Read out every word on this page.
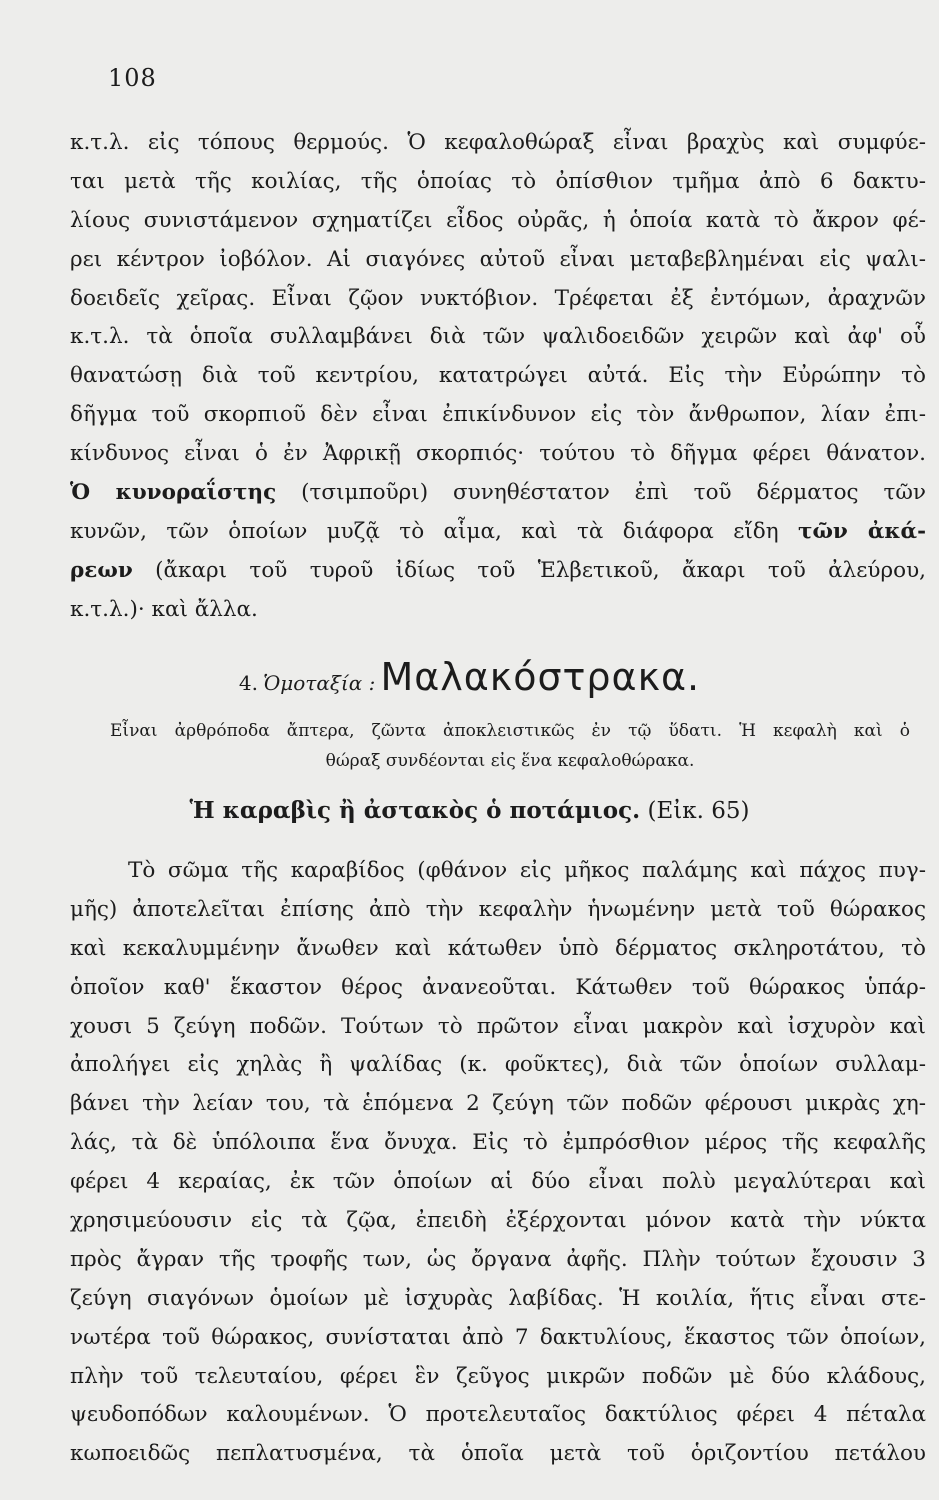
108
κ.τ.λ. εἰς τόπους θερμούς. Ὁ κεφαλοθώραξ εἶναι βραχὺς καὶ συμφύε-
ται μετὰ τῆς κοιλίας, τῆς ὁποίας τὸ ὀπίσθιον τμῆμα ἀπὸ 6 δακτυ-
λίους συνιστάμενον σχηματίζει εἶδος οὐρᾶς, ἡ ὁποία κατὰ τὸ ἄκρον φέ-
ρει κέντρον ἰοβόλον. Αἱ σιαγόνες αὐτοῦ εἶναι μεταβεβλημέναι εἰς ψαλι-
δοειδεῖς χεῖρας. Εἶναι ζῷον νυκτόβιον. Τρέφεται ἐξ ἐντόμων, ἀραχνῶν
κ.τ.λ. τὰ ὁποῖα συλλαμβάνει διὰ τῶν ψαλιδοειδῶν χειρῶν καὶ ἀφ' οὗ
θανατώσῃ διὰ τοῦ κεντρίου, κατατρώγει αὐτά. Εἰς τὴν Εὐρώπην τὸ
δῆγμα τοῦ σκορπιοῦ δὲν εἶναι ἐπικίνδυνον εἰς τὸν ἄνθρωπον, λίαν ἐπι-
κίνδυνος εἶναι ὁ ἐν Ἀφρικῇ σκορπιός· τούτου τὸ δῆγμα φέρει θάνατον.
Ὁ κυνοραΐστης (τσιμποῦρι) συνηθέστατον ἐπὶ τοῦ δέρματος τῶν
κυνῶν, τῶν ὁποίων μυζᾷ τὸ αἷμα, καὶ τὰ διάφορα εἴδη τῶν ἀκά-
ρεων (ἄκαρι τοῦ τυροῦ ἰδίως τοῦ Ἑλβετικοῦ, ἄκαρι τοῦ ἀλεύρου,
κ.τ.λ.)· καὶ ἄλλα.
4. Ὁμοταξία : Μαλακόστρακα.
Εἶναι ἀρθρόποδα ἄπτερα, ζῶντα ἀποκλειστικῶς ἐν τῷ ὕδατι. Ἡ κεφαλὴ καὶ ὁ
θώραξ συνδέονται εἰς ἕνα κεφαλοθώρακα.
Ἡ καραβὶς ἢ ἀστακὸς ὁ ποτάμιος. (Εἰκ. 65)
Τὸ σῶμα τῆς καραβίδος (φθάνον εἰς μῆκος παλάμης καὶ πάχος πυγ-
μῆς) ἀποτελεῖται ἐπίσης ἀπὸ τὴν κεφαλὴν ἡνωμένην μετὰ τοῦ θώρακος
καὶ κεκαλυμμένην ἄνωθεν καὶ κάτωθεν ὑπὸ δέρματος σκληροτάτου, τὸ
ὁποῖον καθ' ἕκαστον θέρος ἀνανεοῦται. Κάτωθεν τοῦ θώρακος ὑπάρ-
χουσι 5 ζεύγη ποδῶν. Τούτων τὸ πρῶτον εἶναι μακρὸν καὶ ἰσχυρὸν καὶ
ἀπολήγει εἰς χηλὰς ἢ ψαλίδας (κ. φοῦκτες), διὰ τῶν ὁποίων συλλαμ-
βάνει τὴν λείαν του, τὰ ἑπόμενα 2 ζεύγη τῶν ποδῶν φέρουσι μικρὰς χη-
λάς, τὰ δὲ ὑπόλοιπα ἕνα ὄνυχα. Εἰς τὸ ἐμπρόσθιον μέρος τῆς κεφαλῆς
φέρει 4 κεραίας, ἐκ τῶν ὁποίων αἱ δύο εἶναι πολὺ μεγαλύτεραι καὶ
χρησιμεύουσιν εἰς τὰ ζῷα, ἐπειδὴ ἐξέρχονται μόνον κατὰ τὴν νύκτα
πρὸς ἄγραν τῆς τροφῆς των, ὡς ὄργανα ἀφῆς. Πλὴν τούτων ἔχουσιν 3
ζεύγη σιαγόνων ὁμοίων μὲ ἰσχυρὰς λαβίδας. Ἡ κοιλία, ἥτις εἶναι στε-
νωτέρα τοῦ θώρακος, συνίσταται ἀπὸ 7 δακτυλίους, ἕκαστος τῶν ὁποίων,
πλὴν τοῦ τελευταίου, φέρει ἓν ζεῦγος μικρῶν ποδῶν μὲ δύο κλάδους,
ψευδοπόδων καλουμένων. Ὁ προτελευταῖος δακτύλιος φέρει 4 πέταλα
κωποειδῶς πεπλατυσμένα, τὰ ὁποῖα μετὰ τοῦ ὁριζοντίου πετάλου
